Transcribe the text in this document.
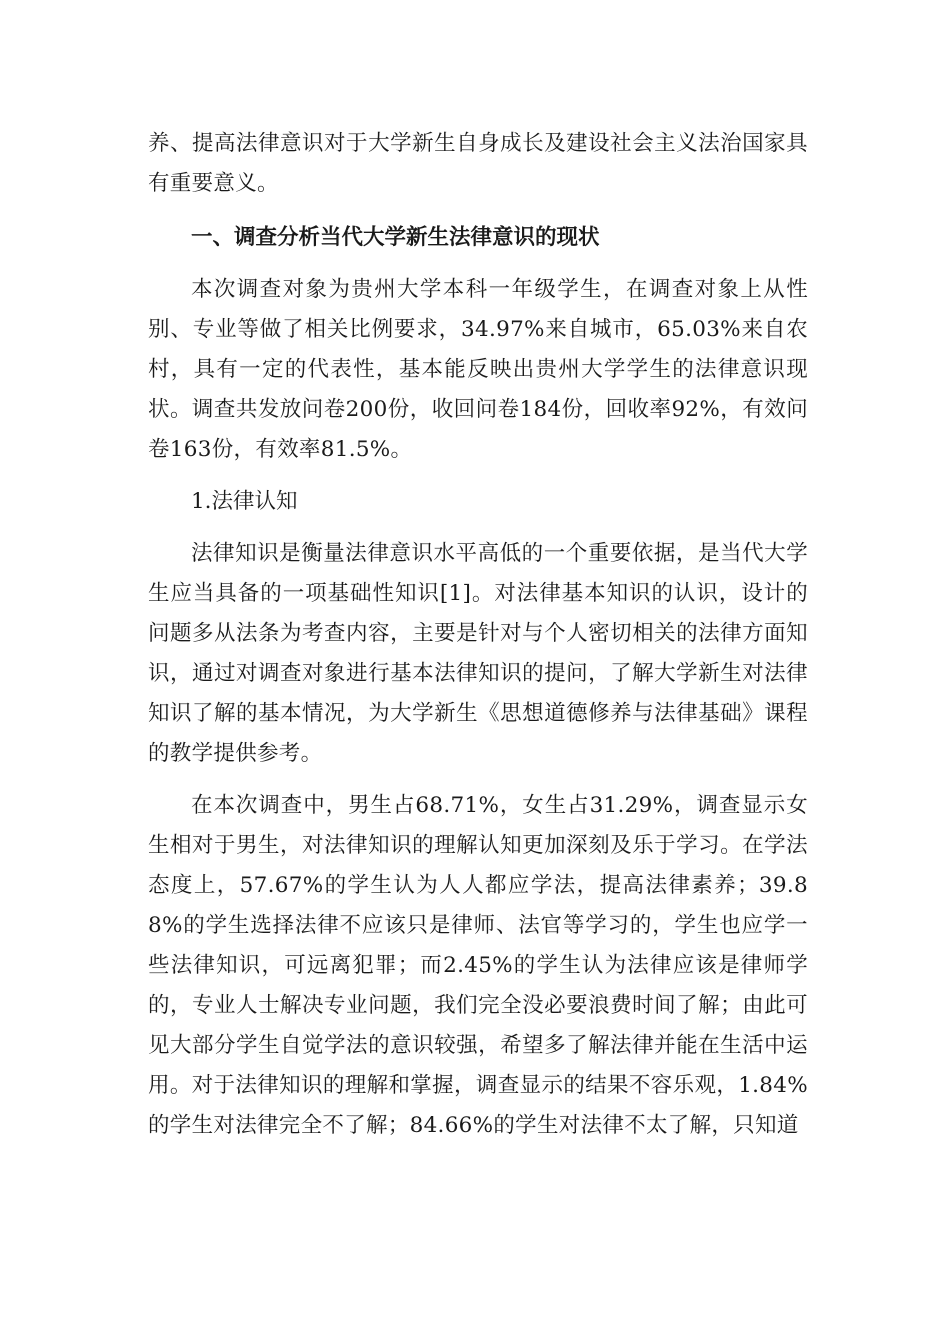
养、提高法律意识对于大学新生自身成长及建设社会主义法治国家具有重要意义。

一、调查分析当代大学新生法律意识的现状

本次调查对象为贵州大学本科一年级学生，在调查对象上从性别、专业等做了相关比例要求，34.97%来自城市，65.03%来自农村，具有一定的代表性，基本能反映出贵州大学学生的法律意识现状。调查共发放问卷200份，收回问卷184份，回收率92%，有效问卷163份，有效率81.5%。

1.法律认知

法律知识是衡量法律意识水平高低的一个重要依据，是当代大学生应当具备的一项基础性知识[1]。对法律基本知识的认识，设计的问题多从法条为考查内容，主要是针对与个人密切相关的法律方面知识，通过对调查对象进行基本法律知识的提问，了解大学新生对法律知识了解的基本情况，为大学新生《思想道德修养与法律基础》课程的教学提供参考。

在本次调查中，男生占68.71%，女生占31.29%，调查显示女生相对于男生，对法律知识的理解认知更加深刻及乐于学习。在学法态度上，57.67%的学生认为人人都应学法，提高法律素养；39.88%的学生选择法律不应该只是律师、法官等学习的，学生也应学一些法律知识，可远离犯罪；而2.45%的学生认为法律应该是律师学的，专业人士解决专业问题，我们完全没必要浪费时间了解；由此可见大部分学生自觉学法的意识较强，希望多了解法律并能在生活中运用。对于法律知识的理解和掌握，调查显示的结果不容乐观，1.84%的学生对法律完全不了解；84.66%的学生对法律不太了解，只知道
